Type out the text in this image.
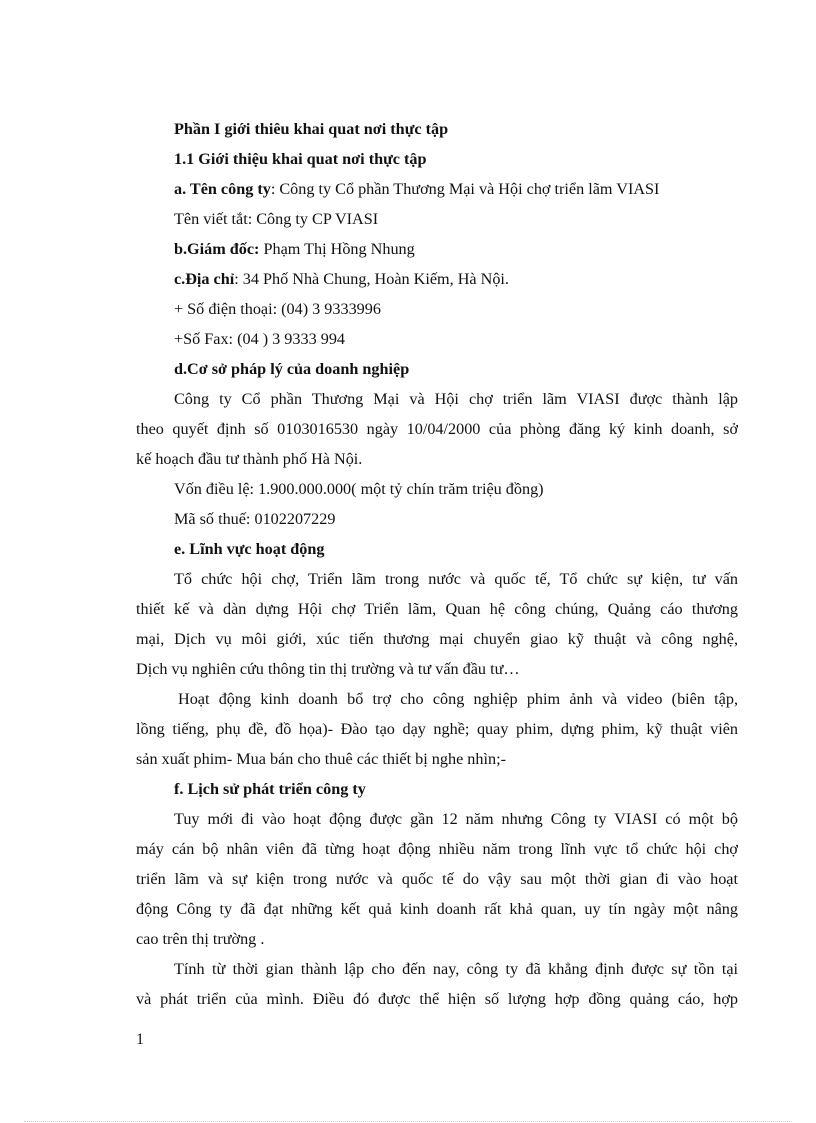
Phần I giới thiêu khai quat nơi thực tập
1.1 Giới thiệu khai quat nơi thực tập
a. Tên công ty: Công ty Cổ phần Thương Mại và Hội chợ triển lãm VIASI
Tên viết tắt: Công ty CP VIASI
b.Giám đốc: Phạm Thị Hồng Nhung
c.Địa chỉ: 34 Phố Nhà Chung, Hoàn Kiếm, Hà Nội.
+ Số điện thoại: (04) 3 9333996
+Số Fax: (04 ) 3 9333 994
d.Cơ sở pháp lý của doanh nghiệp
Công ty Cổ phần Thương Mại và Hội chợ triển lãm VIASI được thành lập
theo quyết định số 0103016530 ngày 10/04/2000 của phòng đăng ký kinh doanh, sở
kế hoạch đầu tư thành phố Hà Nội.
Vốn điều lệ: 1.900.000.000( một tỷ chín trăm triệu đồng)
Mã số thuế: 0102207229
e. Lĩnh vực hoạt động
Tổ chức hội chợ, Triển lãm trong nước và quốc tế, Tổ chức sự kiện, tư vấn
thiết kế và dàn dựng Hội chợ Triển lãm, Quan hệ công chúng, Quảng cáo thương
mại, Dịch vụ môi giới, xúc tiến thương mại chuyển giao kỹ thuật và công nghệ,
Dịch vụ nghiên cứu thông tin thị trường và tư vấn đầu tư…
Hoạt động kinh doanh bổ trợ cho công nghiệp phim ảnh và video (biên tập,
lồng tiếng, phụ đề, đồ họa)- Đào tạo dạy nghề; quay phim, dựng phim, kỹ thuật viên
sản xuất phim- Mua bán cho thuê các thiết bị nghe nhìn;-
f. Lịch sử phát triển công ty
Tuy mới đi vào hoạt động được gần 12 năm nhưng Công ty VIASI có một bộ
máy cán bộ nhân viên đã từng hoạt động nhiều năm trong lĩnh vực tổ chức hội chợ
triển lãm và sự kiện trong nước và quốc tế do vậy sau một thời gian đi vào hoạt
động Công ty đã đạt những kết quả kinh doanh rất khả quan, uy tín ngày một nâng
cao trên thị trường .
Tính từ thời gian thành lập cho đến nay, công ty đã khẳng định được sự tồn tại
và phát triển của mình. Điều đó được thể hiện số lượng hợp đồng quảng cáo, hợp
1
